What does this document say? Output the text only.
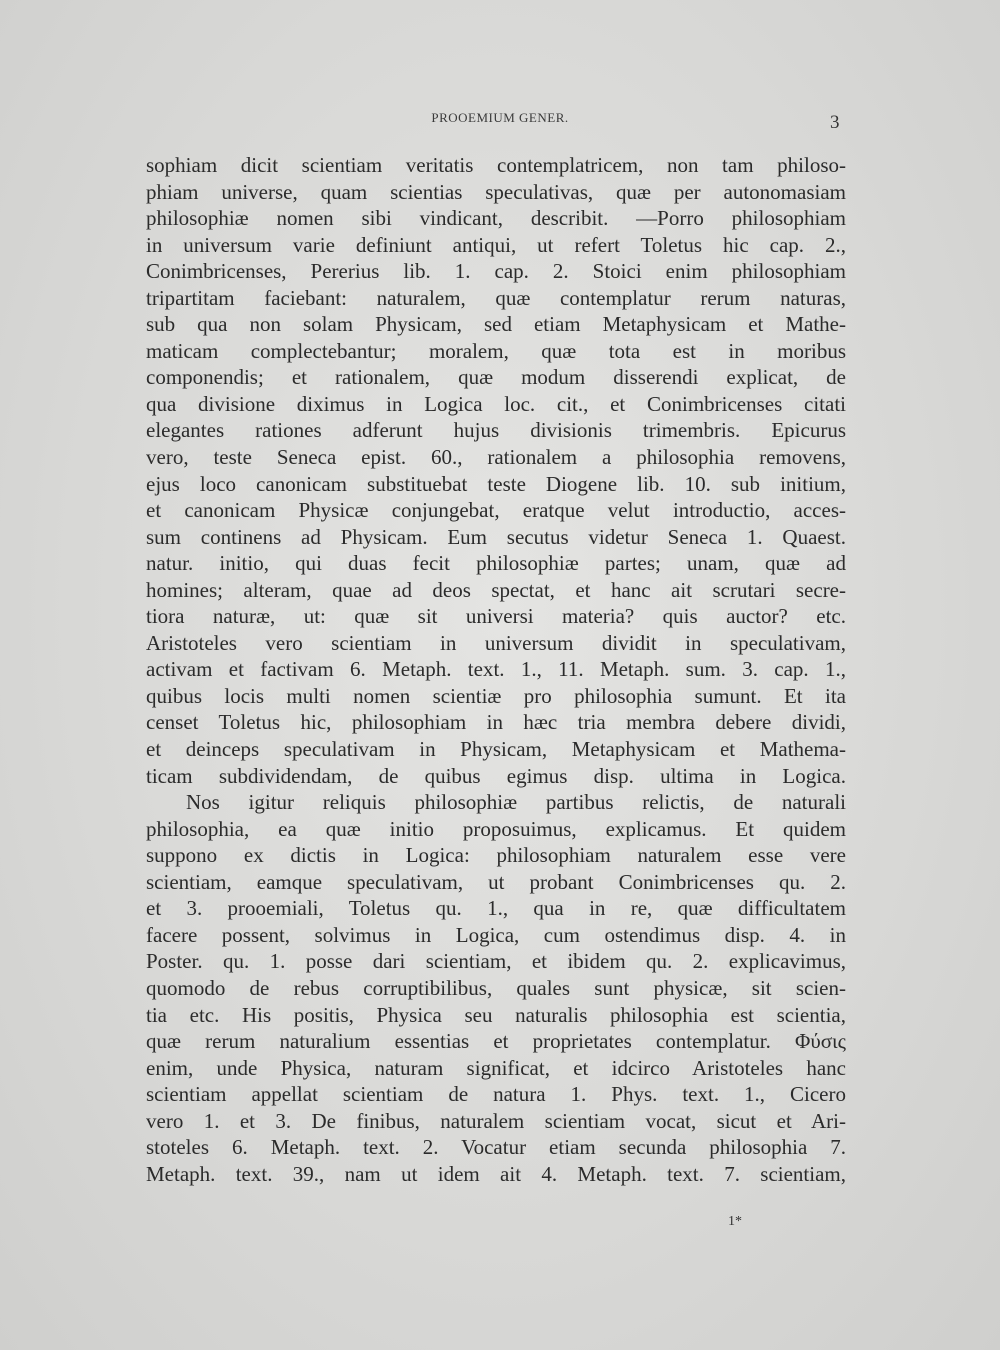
PROOEMIUM GENER.	3
sophiam dicit scientiam veritatis contemplatricem, non tam philoso-
phiam universe, quam scientias speculativas, quæ per autonomasiam
philosophiæ nomen sibi vindicant, describit. —Porro philosophiam
in universum varie definiunt antiqui, ut refert Toletus hic cap. 2.,
Conimbricenses, Pererius lib. 1. cap. 2. Stoici enim philosophiam
tripartitam faciebant: naturalem, quæ contemplatur rerum naturas,
sub qua non solam Physicam, sed etiam Metaphysicam et Mathe-
maticam complectebantur; moralem, quæ tota est in moribus
componendis; et rationalem, quæ modum disserendi explicat, de
qua divisione diximus in Logica loc. cit., et Conimbricenses citati
elegantes rationes adferunt hujus divisionis trimembris. Epicurus
vero, teste Seneca epist. 60., rationalem a philosophia removens,
ejus loco canonicam substituebat teste Diogene lib. 10. sub initium,
et canonicam Physicæ conjungebat, eratque velut introductio, acces-
sum continens ad Physicam. Eum secutus videtur Seneca 1. Quaest.
natur. initio, qui duas fecit philosophiæ partes; unam, quæ ad
homines; alteram, quae ad deos spectat, et hanc ait scrutari secre-
tiora naturæ, ut: quæ sit universi materia? quis auctor? etc.
Aristoteles vero scientiam in universum dividit in speculativam,
activam et factivam 6. Metaph. text. 1., 11. Metaph. sum. 3. cap. 1.,
quibus locis multi nomen scientiæ pro philosophia sumunt. Et ita
censet Toletus hic, philosophiam in hæc tria membra debere dividi,
et deinceps speculativam in Physicam, Metaphysicam et Mathema-
ticam subdividendam, de quibus egimus disp. ultima in Logica.
Nos igitur reliquis philosophiæ partibus relictis, de naturali
philosophia, ea quæ initio proposuimus, explicamus. Et quidem
suppono ex dictis in Logica: philosophiam naturalem esse vere
scientiam, eamque speculativam, ut probant Conimbricenses qu. 2.
et 3. prooemiali, Toletus qu. 1., qua in re, quæ difficultatem
facere possent, solvimus in Logica, cum ostendimus disp. 4. in
Poster. qu. 1. posse dari scientiam, et ibidem qu. 2. explicavimus,
quomodo de rebus corruptibilibus, quales sunt physicæ, sit scien-
tia etc. His positis, Physica seu naturalis philosophia est scientia,
quæ rerum naturalium essentias et proprietates contemplatur. Φύσις
enim, unde Physica, naturam significat, et idcirco Aristoteles hanc
scientiam appellat scientiam de natura 1. Phys. text. 1., Cicero
vero 1. et 3. De finibus, naturalem scientiam vocat, sicut et Ari-
stoteles 6. Metaph. text. 2. Vocatur etiam secunda philosophia 7.
Metaph. text. 39., nam ut idem ait 4. Metaph. text. 7. scientiam,
1*
